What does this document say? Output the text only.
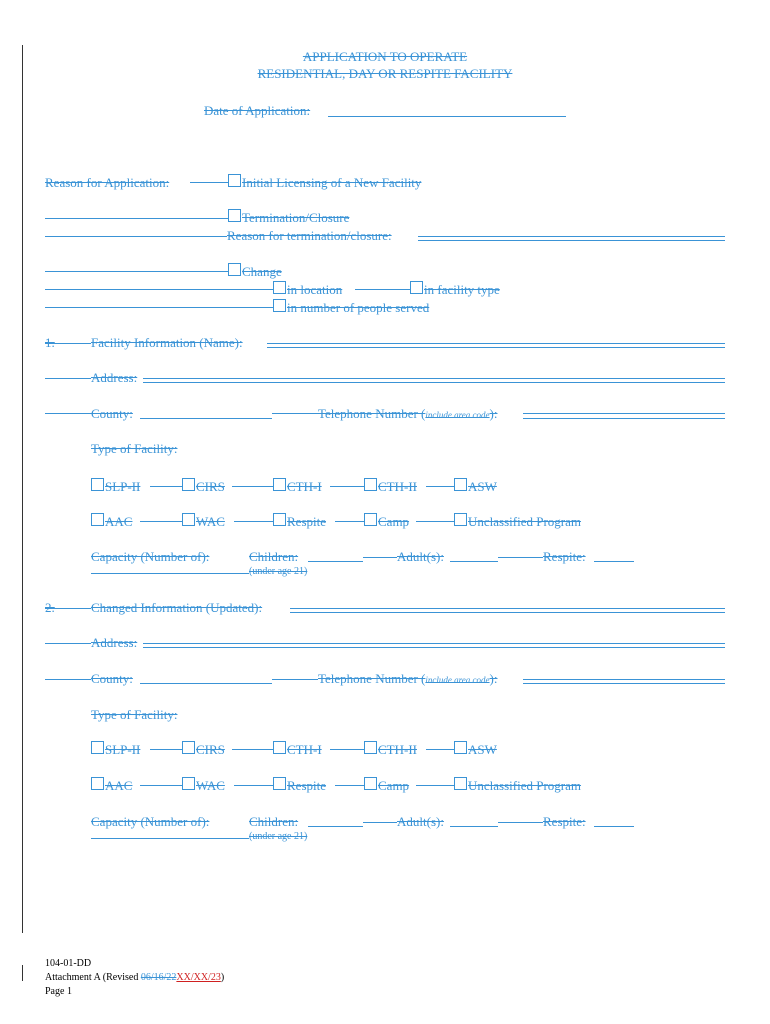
APPLICATION TO OPERATE
RESIDENTIAL, DAY OR RESPITE FACILITY
Date of Application:
Reason for Application:	Initial Licensing of a New Facility
Termination/Closure
Reason for termination/closure:
Change
in location	in facility type
in number of people served
1.	Facility Information (Name):
Address:
County:	Telephone Number (include area code):
Type of Facility:
SLP-II	CIRS	CTH-I	CTH-II	ASW
AAC	WAC	Respite	Camp	Unclassified Program
Capacity (Number of):	Children:	Adult(s):	Respite:
(under age 21)
2.	Changed Information (Updated):
Address:
County:	Telephone Number (include area code):
Type of Facility:
SLP-II	CIRS	CTH-I	CTH-II	ASW
AAC	WAC	Respite	Camp	Unclassified Program
Capacity (Number of):	Children:	Adult(s):	Respite:
(under age 21)
104-01-DD
Attachment A (Revised 06/16/22XX/XX/23)
Page 1
